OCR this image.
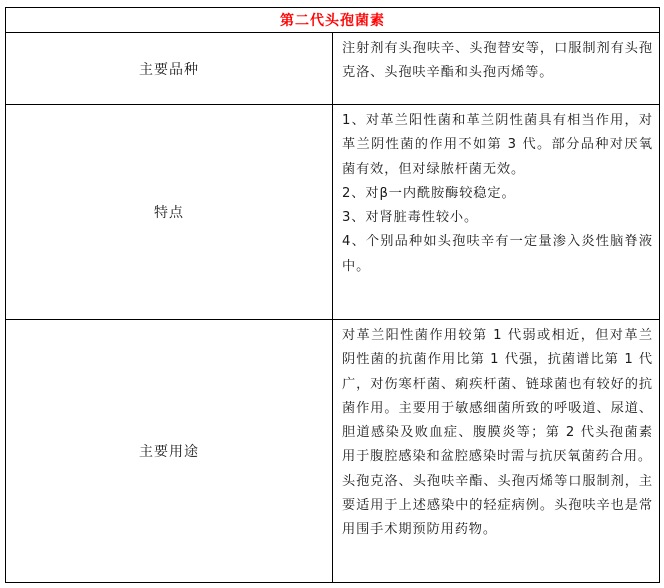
第二代头孢菌素	
主要品种	注射剂有头孢呋辛、头孢替安等，口服制剂有头孢克洛、头孢呋辛酯和头孢丙烯等。

特点	1、对革兰阳性菌和革兰阴性菌具有相当作用，对革兰阴性菌的作用不如第 3 代。部分品种对厌氧菌有效，但对绿脓杆菌无效。

2、对β一内酰胺酶较稳定。

3、对肾脏毒性较小。

4、个别品种如头孢呋辛有一定量渗入炎性脑脊液中。

主要用途	对革兰阳性菌作用较第 1 代弱或相近，但对革兰阴性菌的抗菌作用比第 1 代强，抗菌谱比第 1 代广，对伤寒杆菌、痢疾杆菌、链球菌也有较好的抗菌作用。主要用于敏感细菌所致的呼吸道、尿道、胆道感染及败血症、腹膜炎等；第 2 代头孢菌素用于腹腔感染和盆腔感染时需与抗厌氧菌药合用。

头孢克洛、头孢呋辛酯、头孢丙烯等口服制剂，主要适用于上述感染中的轻症病例。头孢呋辛也是常用围手术期预防用药物。
